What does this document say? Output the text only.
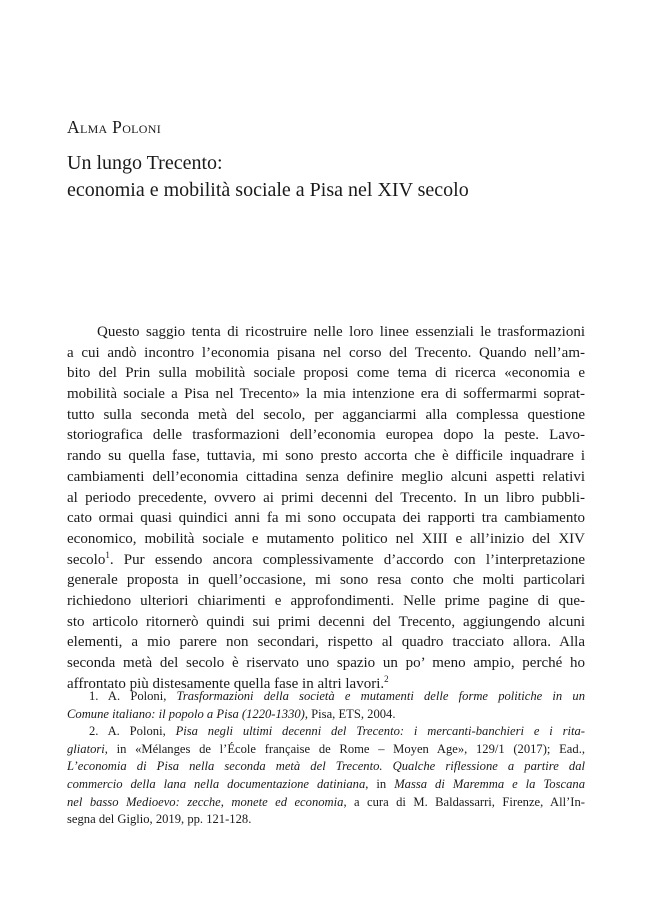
Alma Poloni
Un lungo Trecento:
economia e mobilità sociale a Pisa nel XIV secolo
Questo saggio tenta di ricostruire nelle loro linee essenziali le trasformazioni
a cui andò incontro l’economia pisana nel corso del Trecento. Quando nell’am-
bito del Prin sulla mobilità sociale proposi come tema di ricerca «economia e
mobilità sociale a Pisa nel Trecento» la mia intenzione era di soffermarmi soprat-
tutto sulla seconda metà del secolo, per agganciarmi alla complessa questione
storiografica delle trasformazioni dell’economia europea dopo la peste. Lavo-
rando su quella fase, tuttavia, mi sono presto accorta che è difficile inquadrare i
cambiamenti dell’economia cittadina senza definire meglio alcuni aspetti relativi
al periodo precedente, ovvero ai primi decenni del Trecento. In un libro pubbli-
cato ormai quasi quindici anni fa mi sono occupata dei rapporti tra cambiamento
economico, mobilità sociale e mutamento politico nel XIII e all’inizio del XIV
secolo$^1$. Pur essendo ancora complessivamente d’accordo con l’interpretazione
generale proposta in quell’occasione, mi sono resa conto che molti particolari
richiedono ulteriori chiarimenti e approfondimenti. Nelle prime pagine di que-
sto articolo ritornerò quindi sui primi decenni del Trecento, aggiungendo alcuni
elementi, a mio parere non secondari, rispetto al quadro tracciato allora. Alla
seconda metà del secolo è riservato uno spazio un po’ meno ampio, perché ho
affrontato più distesamente quella fase in altri lavori.$^2$
1. A. Poloni, Trasformazioni della società e mutamenti delle forme politiche in un
Comune italiano: il popolo a Pisa (1220-1330), Pisa, ETS, 2004.
2. A. Poloni, Pisa negli ultimi decenni del Trecento: i mercanti-banchieri e i rita-
gliatori, in «Mélanges de l’École française de Rome – Moyen Age», 129/1 (2017); Ead.,
L’economia di Pisa nella seconda metà del Trecento. Qualche riflessione a partire dal
commercio della lana nella documentazione datiniana, in Massa di Maremma e la Toscana
nel basso Medioevo: zecche, monete ed economia, a cura di M. Baldassarri, Firenze, All’In-
segna del Giglio, 2019, pp. 121-128.
